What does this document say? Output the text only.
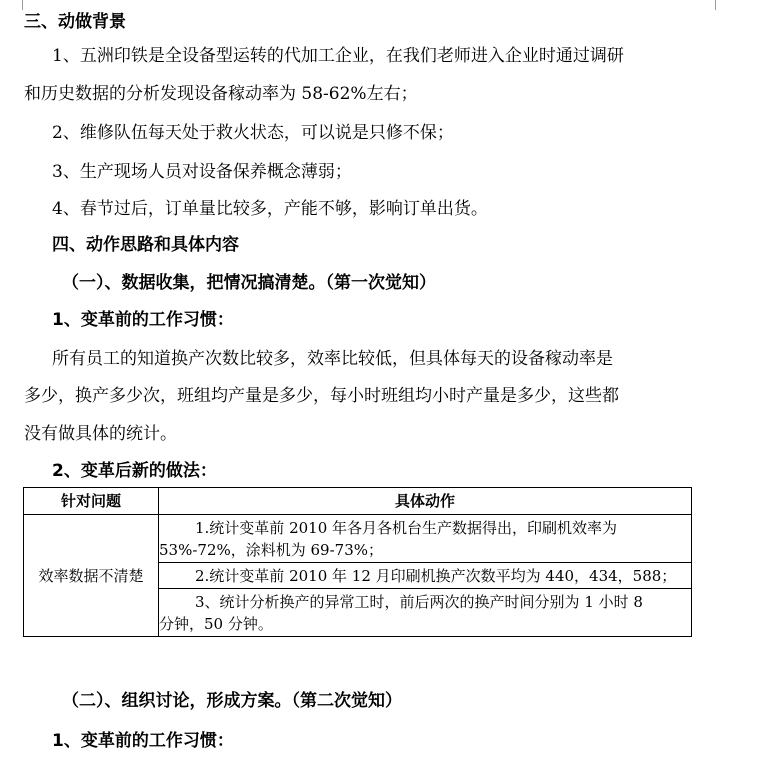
三、动做背景

1、五洲印铁是全设备型运转的代加工企业，在我们老师进入企业时通过调研

和历史数据的分析发现设备稼动率为 58-62%左右；

2、维修队伍每天处于救火状态，可以说是只修不保；

3、生产现场人员对设备保养概念薄弱；

4、春节过后，订单量比较多，产能不够，影响订单出货。

四、动作思路和具体内容

（一）、数据收集，把情况搞清楚。（第一次觉知）

1、变革前的工作习惯：

所有员工的知道换产次数比较多，效率比较低，但具体每天的设备稼动率是

多少，换产多少次，班组均产量是多少，每小时班组均小时产量是多少，这些都

没有做具体的统计。

2、变革后新的做法：

针对问题	具体动作
效率数据不清楚	1.统计变革前 2010 年各月各机台生产数据得出，印刷机效率为
53%-72%，涂料机为 69-73%；

	2.统计变革前 2010 年 12 月印刷机换产次数平均为 440，434，588；

	3、统计分析换产的异常工时，前后两次的换产时间分别为 1 小时 8
分钟，50 分钟。

（二）、组织讨论，形成方案。（第二次觉知）

1、变革前的工作习惯：
